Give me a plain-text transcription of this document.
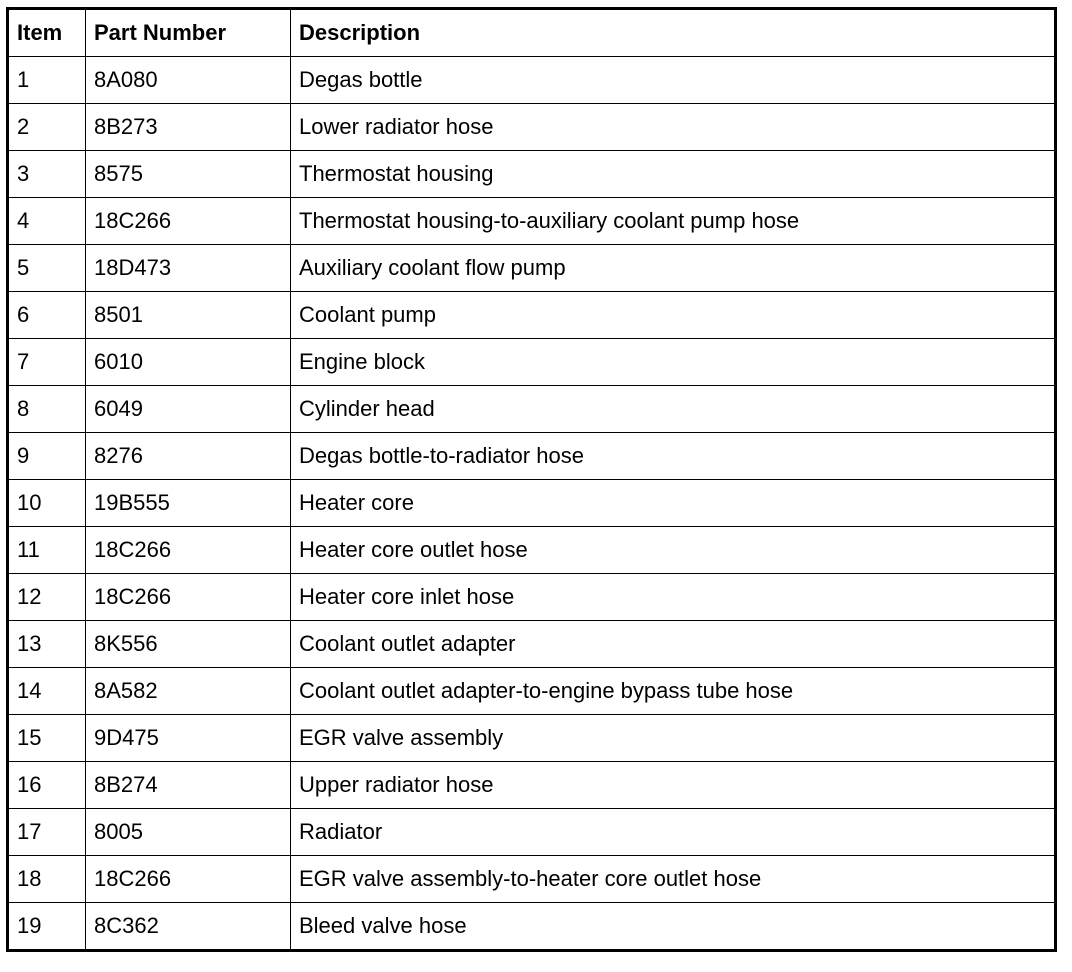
Item	Part Number	Description
1	8A080	Degas bottle
2	8B273	Lower radiator hose
3	8575	Thermostat housing
4	18C266	Thermostat housing-to-auxiliary coolant pump hose
5	18D473	Auxiliary coolant flow pump
6	8501	Coolant pump
7	6010	Engine block
8	6049	Cylinder head
9	8276	Degas bottle-to-radiator hose
10	19B555	Heater core
11	18C266	Heater core outlet hose
12	18C266	Heater core inlet hose
13	8K556	Coolant outlet adapter
14	8A582	Coolant outlet adapter-to-engine bypass tube hose
15	9D475	EGR valve assembly
16	8B274	Upper radiator hose
17	8005	Radiator
18	18C266	EGR valve assembly-to-heater core outlet hose
19	8C362	Bleed valve hose
